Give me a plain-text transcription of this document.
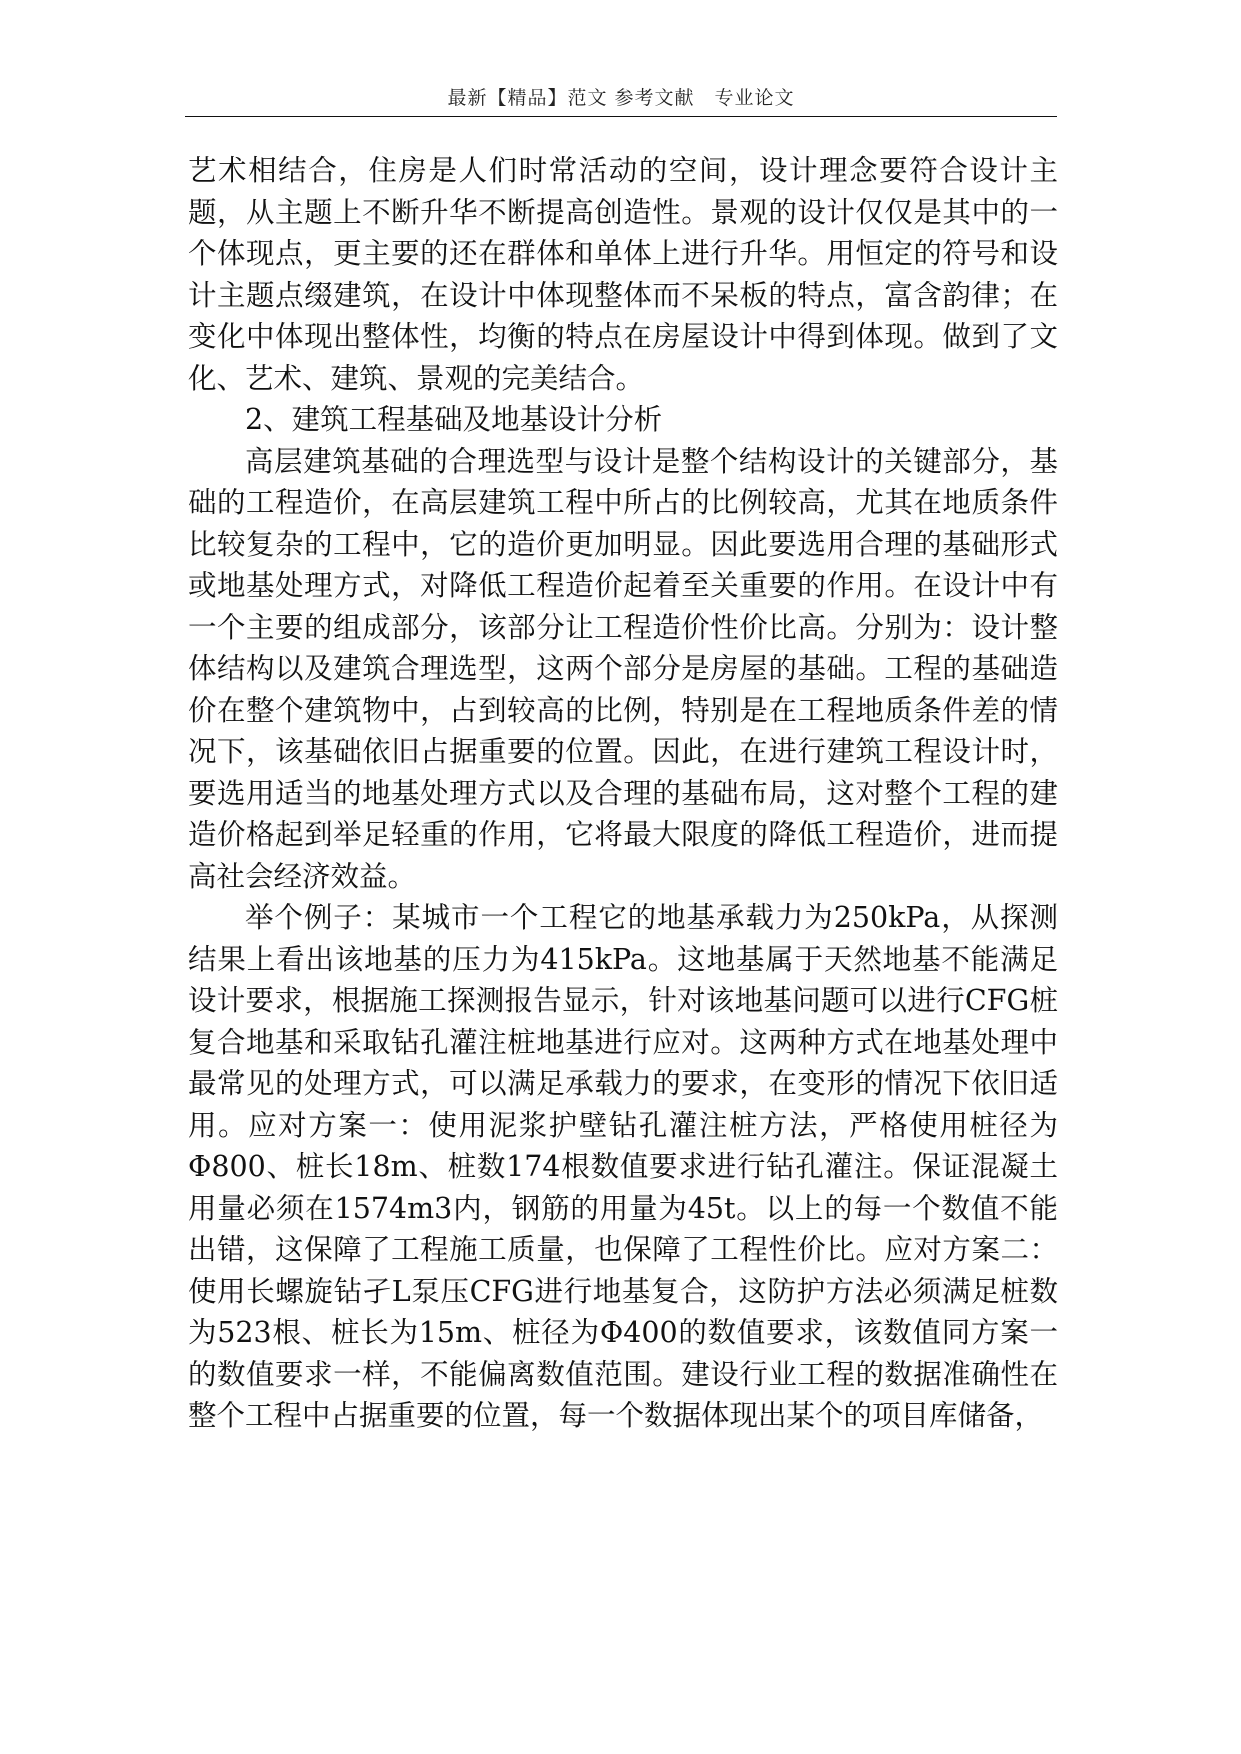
最新【精品】范文 参考文献　专业论文

艺术相结合，住房是人们时常活动的空间，设计理念要符合设计主题，从主题上不断升华不断提高创造性。景观的设计仅仅是其中的一个体现点，更主要的还在群体和单体上进行升华。用恒定的符号和设计主题点缀建筑，在设计中体现整体而不呆板的特点，富含韵律；在变化中体现出整体性，均衡的特点在房屋设计中得到体现。做到了文化、艺术、建筑、景观的完美结合。

2、建筑工程基础及地基设计分析

高层建筑基础的合理选型与设计是整个结构设计的关键部分，基础的工程造价，在高层建筑工程中所占的比例较高，尤其在地质条件比较复杂的工程中，它的造价更加明显。因此要选用合理的基础形式或地基处理方式，对降低工程造价起着至关重要的作用。在设计中有一个主要的组成部分，该部分让工程造价性价比高。分别为：设计整体结构以及建筑合理选型，这两个部分是房屋的基础。工程的基础造价在整个建筑物中，占到较高的比例，特别是在工程地质条件差的情况下，该基础依旧占据重要的位置。因此，在进行建筑工程设计时，要选用适当的地基处理方式以及合理的基础布局，这对整个工程的建造价格起到举足轻重的作用，它将最大限度的降低工程造价，进而提高社会经济效益。

举个例子：某城市一个工程它的地基承载力为250kPa，从探测结果上看出该地基的压力为415kPa。这地基属于天然地基不能满足设计要求，根据施工探测报告显示，针对该地基问题可以进行CFG桩复合地基和采取钻孔灌注桩地基进行应对。这两种方式在地基处理中最常见的处理方式，可以满足承载力的要求，在变形的情况下依旧适用。应对方案一：使用泥浆护壁钻孔灌注桩方法，严格使用桩径为Φ800、桩长18m、桩数174根数值要求进行钻孔灌注。保证混凝土用量必须在1574m3内，钢筋的用量为45t。以上的每一个数值不能出错，这保障了工程施工质量，也保障了工程性价比。应对方案二：使用长螺旋钻孑L泵压CFG进行地基复合，这防护方法必须满足桩数为523根、桩长为15m、桩径为Φ400的数值要求，该数值同方案一的数值要求一样，不能偏离数值范围。建设行业工程的数据准确性在整个工程中占据重要的位置，每一个数据体现出某个的项目库储备，
